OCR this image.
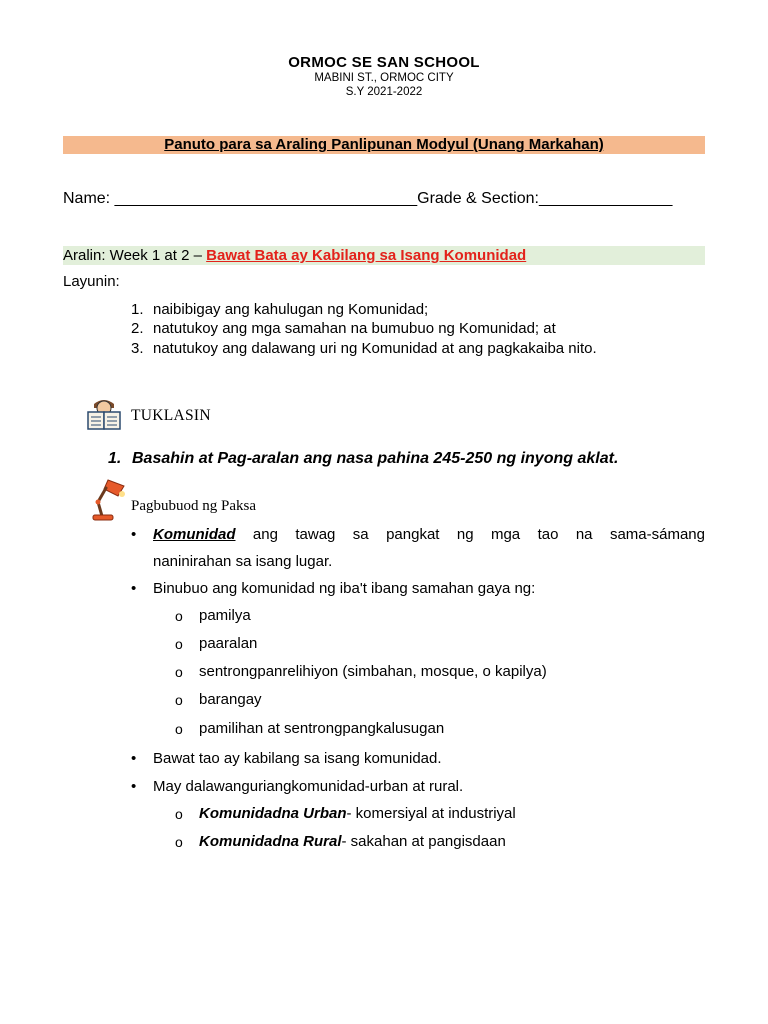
ORMOC SE SAN SCHOOL
MABINI ST., ORMOC CITY
S.Y 2021-2022
Panuto para sa Araling Panlipunan Modyul (Unang Markahan)
Name: __________________________________Grade & Section:_______________
Aralin: Week 1 at 2 – Bawat Bata ay Kabilang sa Isang Komunidad
Layunin:
1. naibibigay ang kahulugan ng Komunidad;
2. natutukoy ang mga samahan na bumubuo ng Komunidad; at
3. natutukoy ang dalawang uri ng Komunidad at ang pagkakaiba nito.
TUKLASIN
1. Basahin at Pag-aralan ang nasa pahina 245-250 ng inyong aklat.
Pagbubuod ng Paksa
• Komunidad ang tawag sa pangkat ng mga tao na sama-sámang
naninirahan sa isang lugar.
• Binubuo ang komunidad ng iba't ibang samahan gaya ng:
o pamilya
o paaralan
o sentrongpanrelihiyon (simbahan, mosque, o kapilya)
o barangay
o pamilihan at sentrongpangkalusugan
• Bawat tao ay kabilang sa isang komunidad.
• May dalawanguriangkomunidad-urban at rural.
o Komunidadna Urban- komersiyal at industriyal
o Komunidadna Rural- sakahan at pangisdaan
